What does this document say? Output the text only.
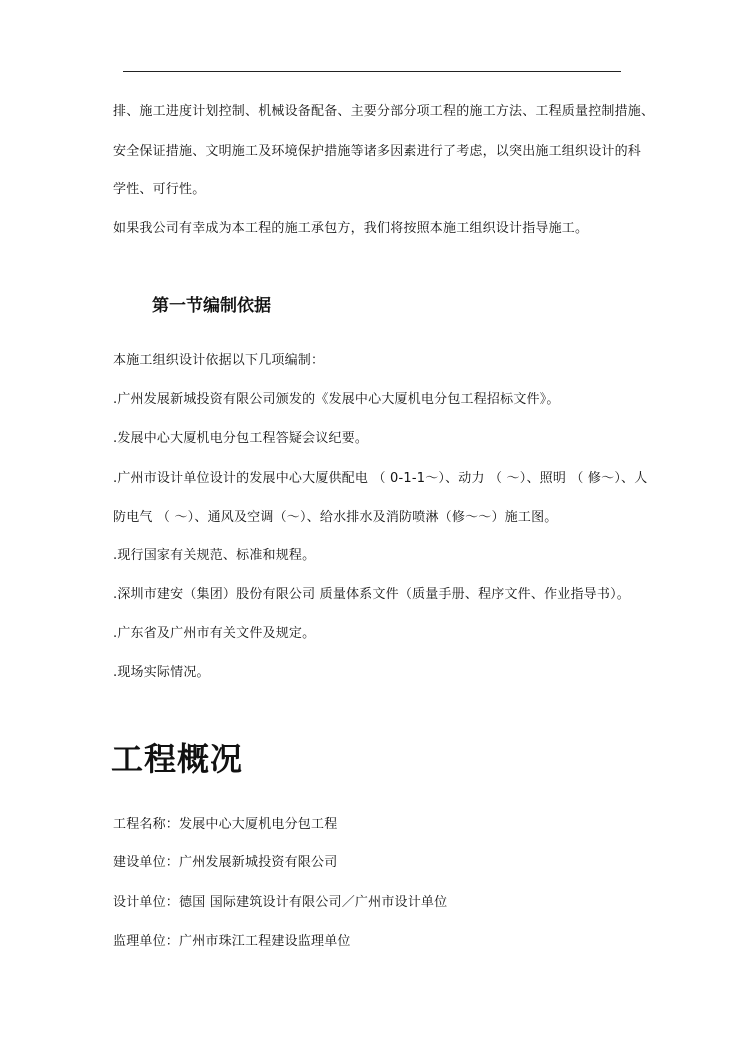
排、施工进度计划控制、机械设备配备、主要分部分项工程的施工方法、工程质量控制措施、
安全保证措施、文明施工及环境保护措施等诸多因素进行了考虑，以突出施工组织设计的科
学性、可行性。
如果我公司有幸成为本工程的施工承包方，我们将按照本施工组织设计指导施工。
第一节编制依据
本施工组织设计依据以下几项编制：
.广州发展新城投资有限公司颁发的《发展中心大厦机电分包工程招标文件》。
.发展中心大厦机电分包工程答疑会议纪要。
.广州市设计单位设计的发展中心大厦供配电 （ 0-1-1～）、动力 （ ～）、照明 （ 修～）、人
防电气 （ ～）、通风及空调（～）、给水排水及消防喷淋（修～～）施工图。
.现行国家有关规范、标准和规程。
.深圳市建安（集团）股份有限公司 质量体系文件（质量手册、程序文件、作业指导书）。
.广东省及广州市有关文件及规定。
.现场实际情况。
工程概况
工程名称：发展中心大厦机电分包工程
建设单位：广州发展新城投资有限公司
设计单位：德国 国际建筑设计有限公司／广州市设计单位
监理单位：广州市珠江工程建设监理单位
